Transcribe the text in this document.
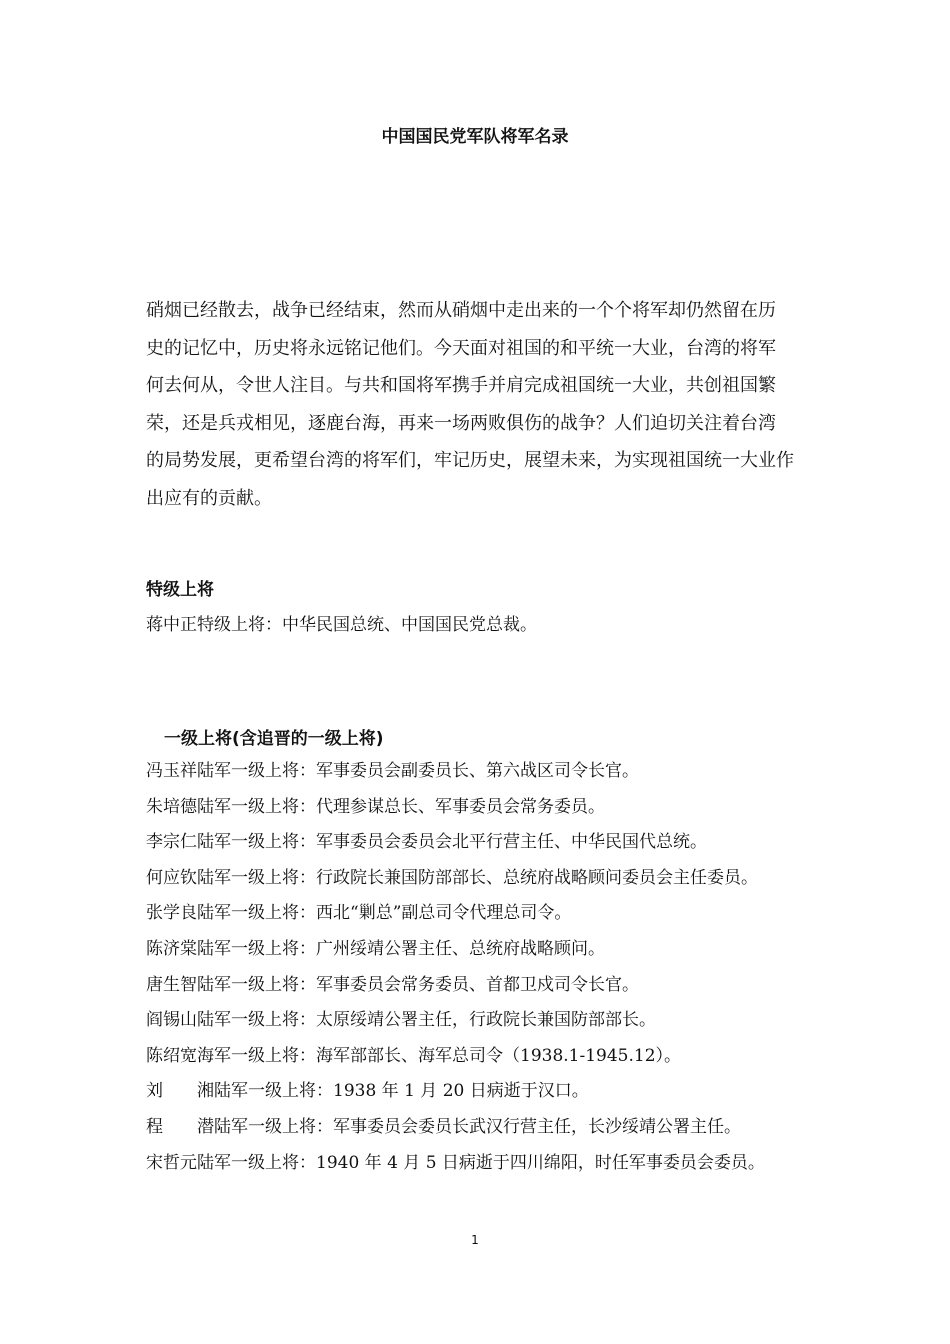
中国国民党军队将军名录
硝烟已经散去，战争已经结束，然而从硝烟中走出来的一个个将军却仍然留在历
史的记忆中，历史将永远铭记他们。今天面对祖国的和平统一大业，台湾的将军
何去何从，令世人注目。与共和国将军携手并肩完成祖国统一大业，共创祖国繁
荣，还是兵戎相见，逐鹿台海，再来一场两败俱伤的战争？人们迫切关注着台湾
的局势发展，更希望台湾的将军们，牢记历史，展望未来，为实现祖国统一大业作
出应有的贡献。
特级上将
蒋中正特级上将：中华民国总统、中国国民党总裁。
一级上将(含追晋的一级上将)
冯玉祥陆军一级上将：军事委员会副委员长、第六战区司令长官。
朱培德陆军一级上将：代理参谋总长、军事委员会常务委员。
李宗仁陆军一级上将：军事委员会委员会北平行营主任、中华民国代总统。
何应钦陆军一级上将：行政院长兼国防部部长、总统府战略顾问委员会主任委员。
张学良陆军一级上将：西北“剿总”副总司令代理总司令。
陈济棠陆军一级上将：广州绥靖公署主任、总统府战略顾问。
唐生智陆军一级上将：军事委员会常务委员、首都卫戍司令长官。
阎锡山陆军一级上将：太原绥靖公署主任，行政院长兼国防部部长。
陈绍宽海军一级上将：海军部部长、海军总司令（1938.1-1945.12）。
刘　　湘陆军一级上将：1938 年 1 月 20 日病逝于汉口。
程　　潜陆军一级上将：军事委员会委员长武汉行营主任，长沙绥靖公署主任。
宋哲元陆军一级上将：1940 年 4 月 5 日病逝于四川绵阳，时任军事委员会委员。
1
